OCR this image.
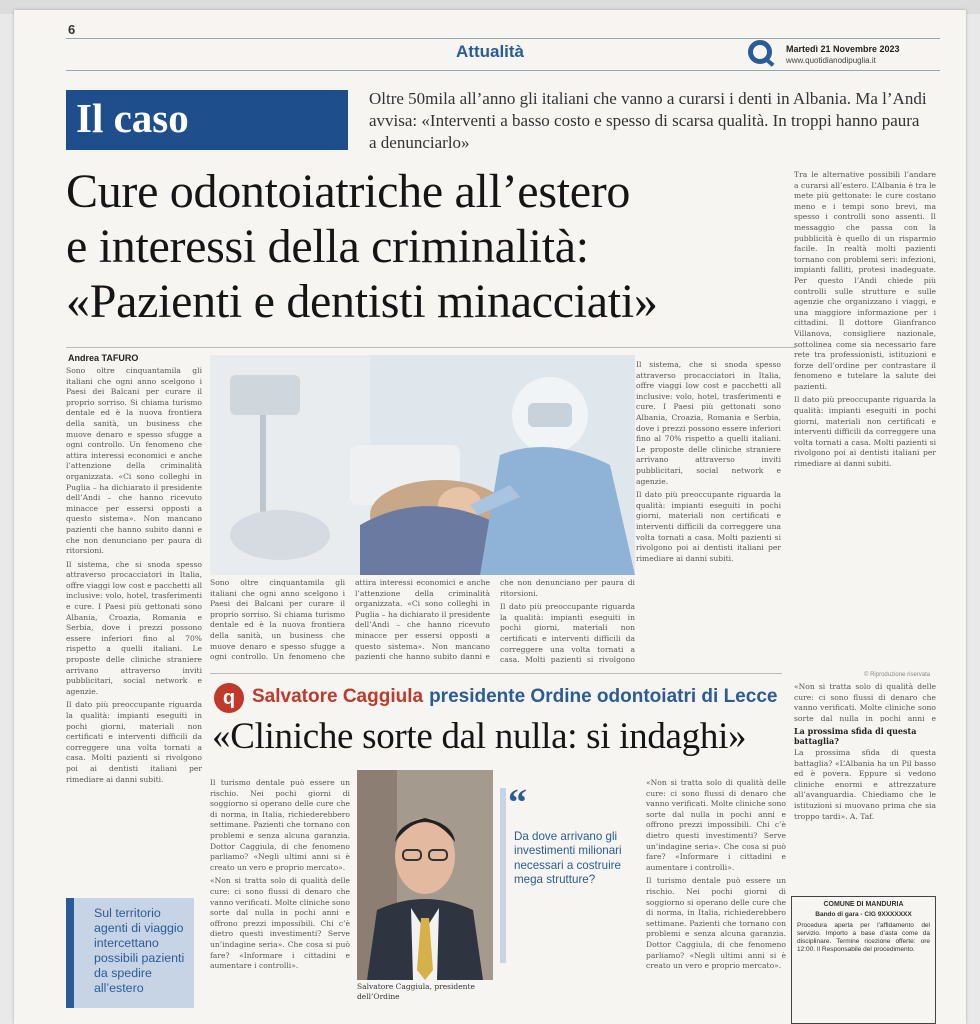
6
Attualità	Martedì 21 Novembre 2023
www.quotidianodipuglia.it
Il caso	Oltre 50mila all’anno gli italiani che vanno a curarsi i denti in Albania. Ma l’Andi avvisa: «Interventi a basso costo e spesso di scarsa qualità. In troppi hanno paura a denunciarlo»
Cure odontoiatriche all’estero
e interessi della criminalità:
«Pazienti e dentisti minacciati»
Andrea TAFURO

Sono oltre cinquantamila gli italiani che ogni anno scelgono i Paesi dei Balcani per curare il proprio sorriso. Si chiama turismo dentale ed è la nuova frontiera della sanità, un business che muove denaro e spesso sfugge a ogni controllo. Un fenomeno che attira interessi economici e anche l’attenzione della criminalità organizzata. «Ci sono colleghi in Puglia – ha dichiarato il presidente dell’Andi – che hanno ricevuto minacce per essersi opposti a questo sistema». Non mancano pazienti che hanno subito danni e che non denunciano per paura di ritorsioni.

Il sistema, che si snoda spesso attraverso procacciatori in Italia, offre viaggi low cost e pacchetti all inclusive: volo, hotel, trasferimenti e cure. I Paesi più gettonati sono Albania, Croazia, Romania e Serbia, dove i prezzi possono essere inferiori fino al 70% rispetto a quelli italiani. Le proposte delle cliniche straniere arrivano attraverso inviti pubblicitari, social network e agenzie.

Il dato più preoccupante riguarda la qualità: impianti eseguiti in pochi giorni, materiali non certificati e interventi difficili da correggere una volta tornati a casa. Molti pazienti si rivolgono poi ai dentisti italiani per rimediare ai danni subiti.

Il sistema, che si snoda spesso attraverso procacciatori in Italia, offre viaggi low cost e pacchetti all inclusive: volo, hotel, trasferimenti e cure. I Paesi più gettonati sono Albania, Croazia, Romania e Serbia, dove i prezzi possono essere inferiori fino al 70% rispetto a quelli italiani. Le proposte delle cliniche straniere arrivano attraverso inviti pubblicitari, social network e agenzie.

Il dato più preoccupante riguarda la qualità: impianti eseguiti in pochi giorni, materiali non certificati e interventi difficili da correggere una volta tornati a casa. Molti pazienti si rivolgono poi ai dentisti italiani per rimediare ai danni subiti.

Sono oltre cinquantamila gli italiani che ogni anno scelgono i Paesi dei Balcani per curare il proprio sorriso. Si chiama turismo dentale ed è la nuova frontiera della sanità, un business che muove denaro e spesso sfugge a ogni controllo. Un fenomeno che attira interessi economici e anche l’attenzione della criminalità organizzata. «Ci sono colleghi in Puglia – ha dichiarato il presidente dell’Andi – che hanno ricevuto minacce per essersi opposti a questo sistema». Non mancano pazienti che hanno subito danni e che non denunciano per paura di ritorsioni.

Il dato più preoccupante riguarda la qualità: impianti eseguiti in pochi giorni, materiali non certificati e interventi difficili da correggere una volta tornati a casa. Molti pazienti si rivolgono

Tra le alternative possibili l’andare a curarsi all’estero. L’Albania è tra le mete più gettonate: le cure costano meno e i tempi sono brevi, ma spesso i controlli sono assenti. Il messaggio che passa con la pubblicità è quello di un risparmio facile. In realtà molti pazienti tornano con problemi seri: infezioni, impianti falliti, protesi inadeguate. Per questo l’Andi chiede più controlli sulle strutture e sulle agenzie che organizzano i viaggi, e una maggiore informazione per i cittadini. Il dottore Gianfranco Villanova, consigliere nazionale, sottolinea come sia necessario fare rete tra professionisti, istituzioni e forze dell’ordine per contrastare il fenomeno e tutelare la salute dei pazienti.

Il dato più preoccupante riguarda la qualità: impianti eseguiti in pochi giorni, materiali non certificati e interventi difficili da correggere una volta tornati a casa. Molti pazienti si rivolgono poi ai dentisti italiani per rimediare ai danni subiti.

© Riproduzione riservata
q Salvatore Caggiula presidente Ordine odontoiatri di Lecce
«Cliniche sorte dal nulla: si indaghi»

Il turismo dentale può essere un rischio. Nei pochi giorni di soggiorno si operano delle cure che di norma, in Italia, richiederebbero settimane. Pazienti che tornano con problemi e senza alcuna garanzia. Dottor Caggiula, di che fenomeno parliamo? «Negli ultimi anni si è creato un vero e proprio mercato».

«Non si tratta solo di qualità delle cure: ci sono flussi di denaro che vanno verificati. Molte cliniche sono sorte dal nulla in pochi anni e offrono prezzi impossibili. Chi c’è dietro questi investimenti? Serve un’indagine seria». Che cosa si può fare? «Informare i cittadini e aumentare i controlli».

Salvatore Caggiula, presidente dell’Ordine
“
Da dove arrivano gli investimenti milionari necessari a costruire mega strutture?

«Non si tratta solo di qualità delle cure: ci sono flussi di denaro che vanno verificati. Molte cliniche sono sorte dal nulla in pochi anni e offrono prezzi impossibili. Chi c’è dietro questi investimenti? Serve un’indagine seria». Che cosa si può fare? «Informare i cittadini e aumentare i controlli».

Il turismo dentale può essere un rischio. Nei pochi giorni di soggiorno si operano delle cure che di norma, in Italia, richiederebbero settimane. Pazienti che tornano con problemi e senza alcuna garanzia. Dottor Caggiula, di che fenomeno parliamo? «Negli ultimi anni si è creato un vero e proprio mercato».

«Non si tratta solo di qualità delle cure: ci sono flussi di denaro che vanno verificati. Molte cliniche sono sorte dal nulla in pochi anni e

La prossima sfida di questa battaglia?

La prossima sfida di questa battaglia? «L’Albania ha un Pil basso ed è povera. Eppure si vedono cliniche enormi e attrezzature all’avanguardia. Chiediamo che le istituzioni si muovano prima che sia troppo tardi». A. Taf.

Sul territorio agenti di viaggio intercettano possibili pazienti da spedire all’estero
COMUNE DI MANDURIA
Bando di gara - CIG 9XXXXXXX
Procedura aperta per l’affidamento del servizio. Importo a base d’asta come da disciplinare. Termine ricezione offerte: ore 12:00. Il Responsabile del procedimento.
